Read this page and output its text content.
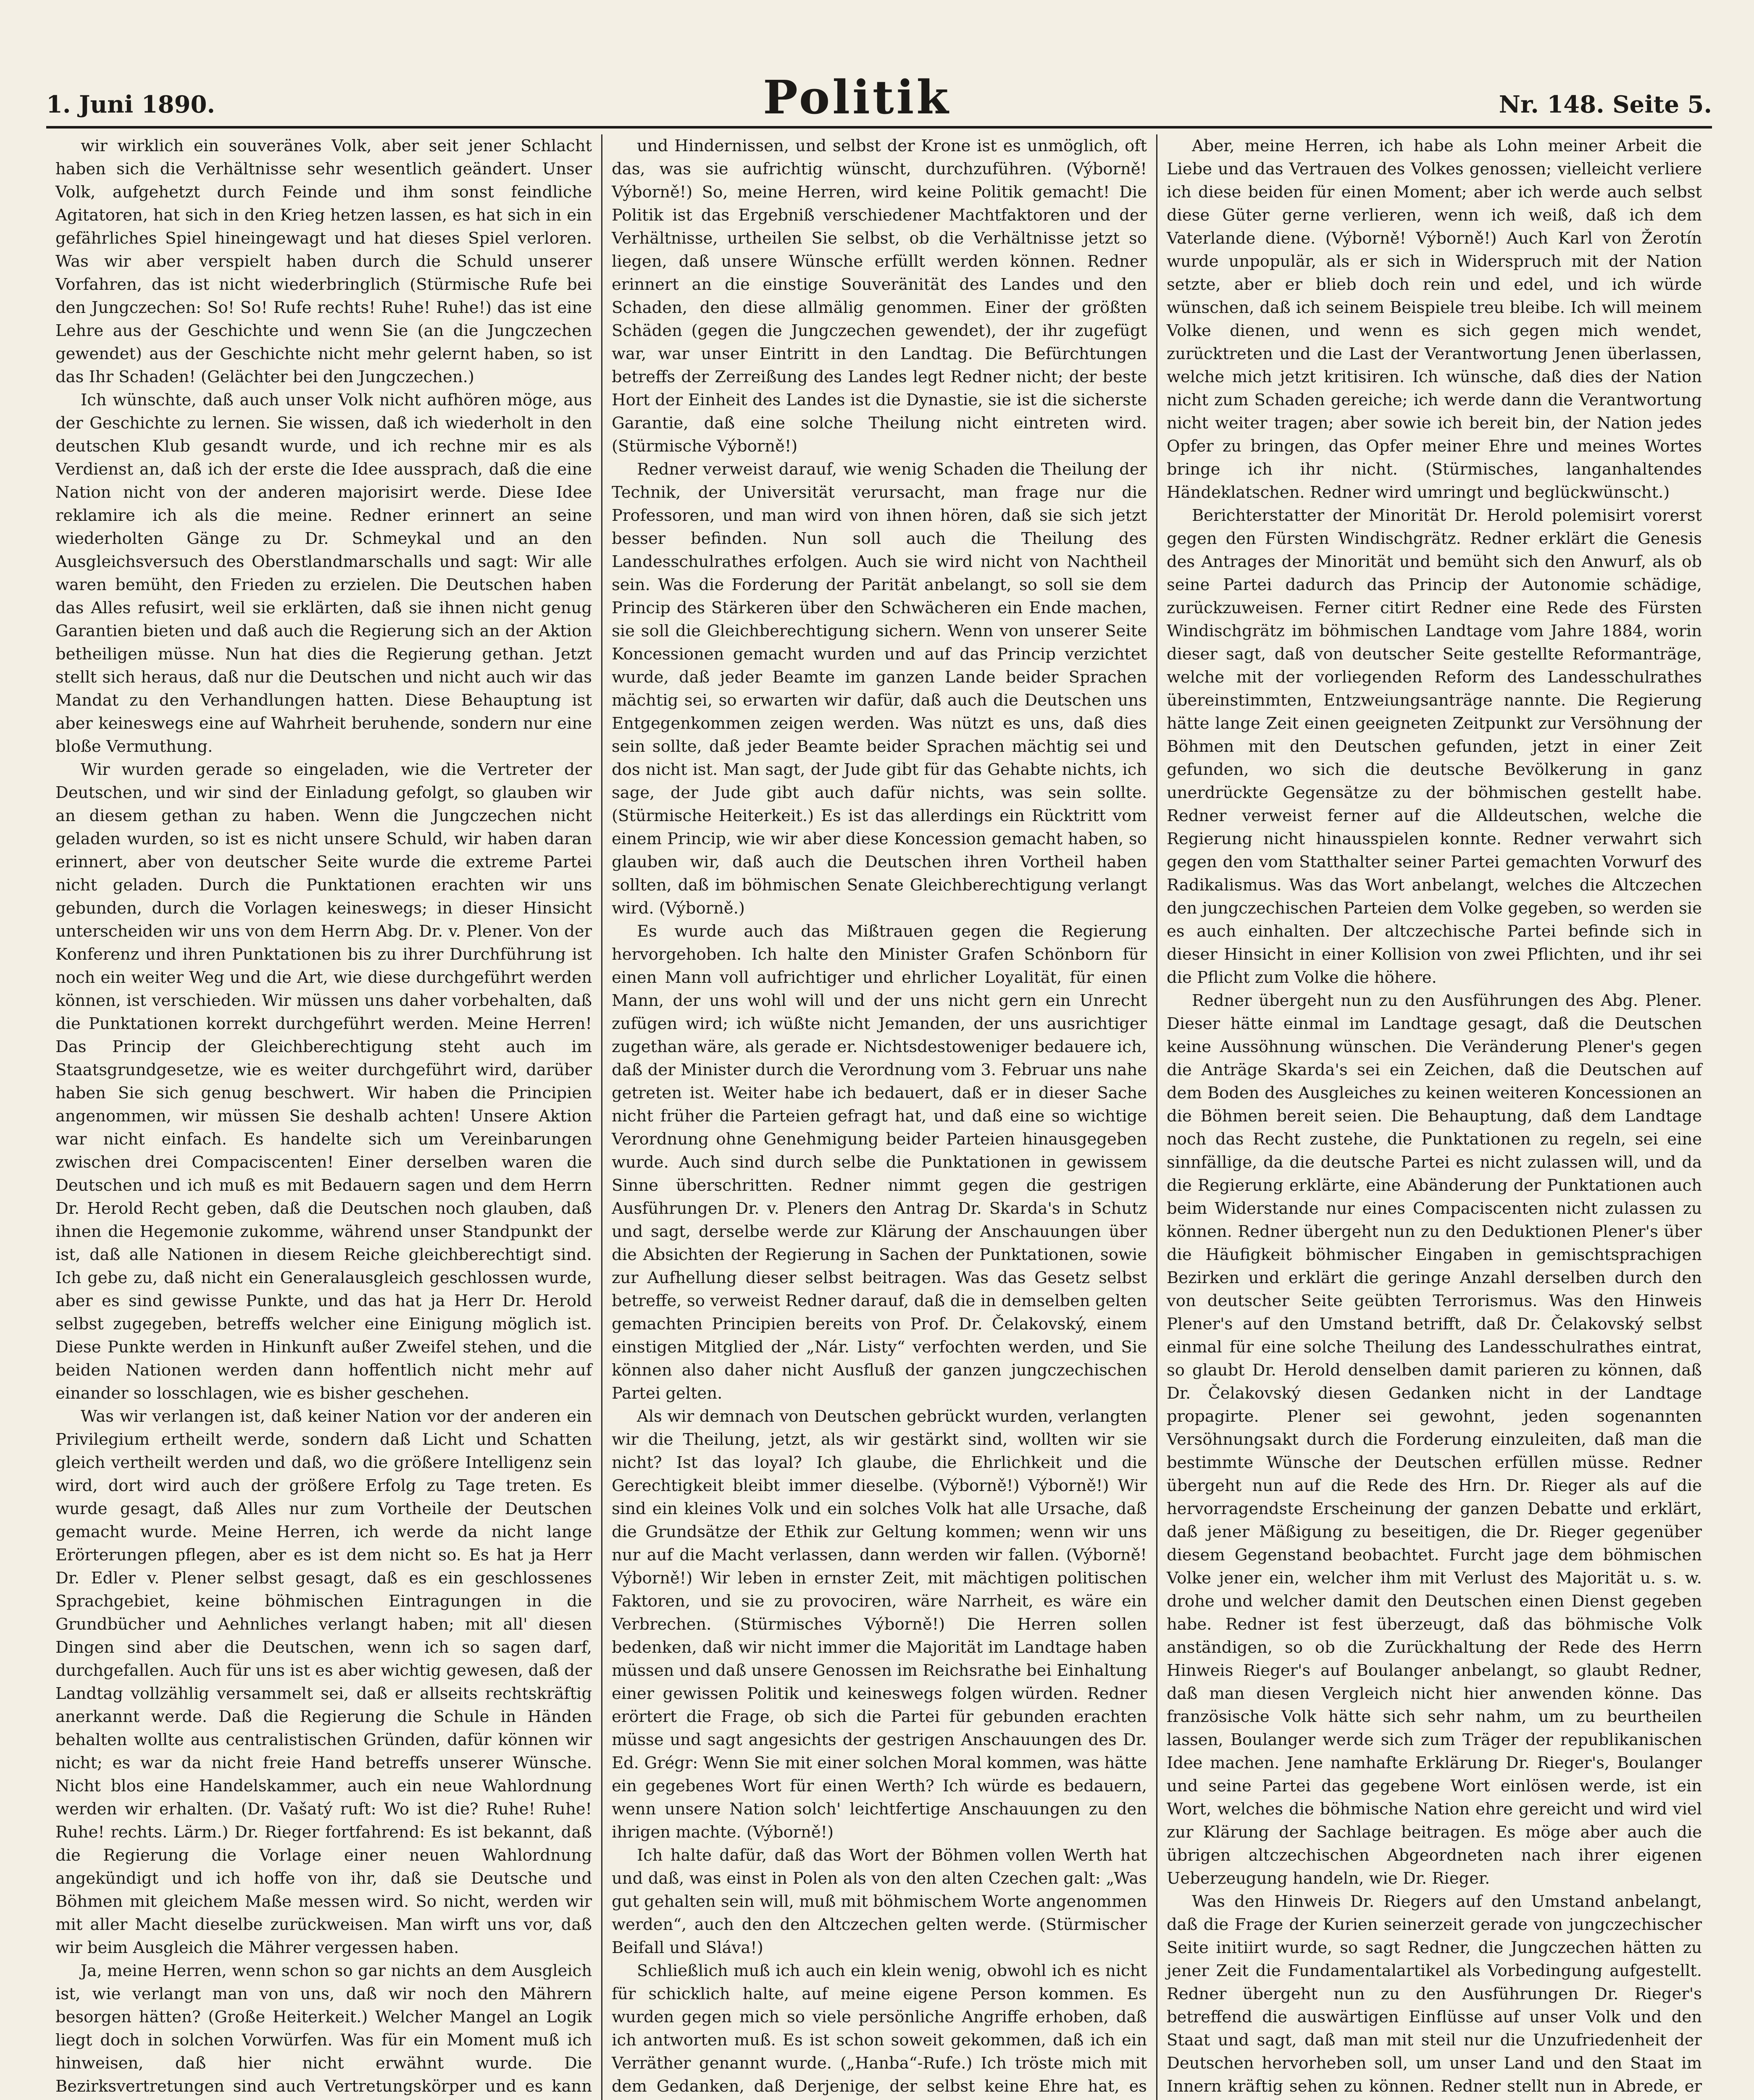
1. Juni 1890.	Politik	Nr. 148. Seite 5.

wir wirklich ein souveränes Volk, aber seit jener Schlacht haben sich die Verhältnisse sehr wesentlich geändert. Unser Volk, aufgehetzt durch Feinde und ihm sonst feindliche Agitatoren, hat sich in den Krieg hetzen lassen, es hat sich in ein gefährliches Spiel hineingewagt und hat dieses Spiel verloren. Was wir aber verspielt haben durch die Schuld unserer Vorfahren, das ist nicht wiederbringlich (Stürmische Rufe bei den Jungczechen: So! So! Rufe rechts! Ruhe! Ruhe!) das ist eine Lehre aus der Geschichte und wenn Sie (an die Jungczechen gewendet) aus der Geschichte nicht mehr gelernt haben, so ist das Ihr Schaden! (Gelächter bei den Jungczechen.)

Ich wünschte, daß auch unser Volk nicht aufhören möge, aus der Geschichte zu lernen. Sie wissen, daß ich wiederholt in den deutschen Klub gesandt wurde, und ich rechne mir es als Verdienst an, daß ich der erste die Idee aussprach, daß die eine Nation nicht von der anderen majorisirt werde. Diese Idee reklamire ich als die meine. Redner erinnert an seine wiederholten Gänge zu Dr. Schmeykal und an den Ausgleichsversuch des Oberstlandmarschalls und sagt: Wir alle waren bemüht, den Frieden zu erzielen. Die Deutschen haben das Alles refusirt, weil sie erklärten, daß sie ihnen nicht genug Garantien bieten und daß auch die Regierung sich an der Aktion betheiligen müsse. Nun hat dies die Regierung gethan. Jetzt stellt sich heraus, daß nur die Deutschen und nicht auch wir das Mandat zu den Verhandlungen hatten. Diese Behauptung ist aber keineswegs eine auf Wahrheit beruhende, sondern nur eine bloße Vermuthung.

Wir wurden gerade so eingeladen, wie die Vertreter der Deutschen, und wir sind der Einladung gefolgt, so glauben wir an diesem gethan zu haben. Wenn die Jungczechen nicht geladen wurden, so ist es nicht unsere Schuld, wir haben daran erinnert, aber von deutscher Seite wurde die extreme Partei nicht geladen. Durch die Punktationen erachten wir uns gebunden, durch die Vorlagen keineswegs; in dieser Hinsicht unterscheiden wir uns von dem Herrn Abg. Dr. v. Plener. Von der Konferenz und ihren Punktationen bis zu ihrer Durchführung ist noch ein weiter Weg und die Art, wie diese durchgeführt werden können, ist verschieden. Wir müssen uns daher vorbehalten, daß die Punktationen korrekt durchgeführt werden. Meine Herren! Das Princip der Gleichberechtigung steht auch im Staatsgrundgesetze, wie es weiter durchgeführt wird, darüber haben Sie sich genug beschwert. Wir haben die Principien angenommen, wir müssen Sie deshalb achten! Unsere Aktion war nicht einfach. Es handelte sich um Vereinbarungen zwischen drei Compaciscenten! Einer derselben waren die Deutschen und ich muß es mit Bedauern sagen und dem Herrn Dr. Herold Recht geben, daß die Deutschen noch glauben, daß ihnen die Hegemonie zukomme, während unser Standpunkt der ist, daß alle Nationen in diesem Reiche gleichberechtigt sind. Ich gebe zu, daß nicht ein Generalausgleich geschlossen wurde, aber es sind gewisse Punkte, und das hat ja Herr Dr. Herold selbst zugegeben, betreffs welcher eine Einigung möglich ist. Diese Punkte werden in Hinkunft außer Zweifel stehen, und die beiden Nationen werden dann hoffentlich nicht mehr auf einander so losschlagen, wie es bisher geschehen.

Was wir verlangen ist, daß keiner Nation vor der anderen ein Privilegium ertheilt werde, sondern daß Licht und Schatten gleich vertheilt werden und daß, wo die größere Intelligenz sein wird, dort wird auch der größere Erfolg zu Tage treten. Es wurde gesagt, daß Alles nur zum Vortheile der Deutschen gemacht wurde. Meine Herren, ich werde da nicht lange Erörterungen pflegen, aber es ist dem nicht so. Es hat ja Herr Dr. Edler v. Plener selbst gesagt, daß es ein geschlossenes Sprachgebiet, keine böhmischen Eintragungen in die Grundbücher und Aehnliches verlangt haben; mit all' diesen Dingen sind aber die Deutschen, wenn ich so sagen darf, durchgefallen. Auch für uns ist es aber wichtig gewesen, daß der Landtag vollzählig versammelt sei, daß er allseits rechtskräftig anerkannt werde. Daß die Regierung die Schule in Händen behalten wollte aus centralistischen Gründen, dafür können wir nicht; es war da nicht freie Hand betreffs unserer Wünsche. Nicht blos eine Handelskammer, auch ein neue Wahlordnung werden wir erhalten. (Dr. Vašatý ruft: Wo ist die? Ruhe! Ruhe! Ruhe! rechts. Lärm.) Dr. Rieger fortfahrend: Es ist bekannt, daß die Regierung die Vorlage einer neuen Wahlordnung angekündigt und ich hoffe von ihr, daß sie Deutsche und Böhmen mit gleichem Maße messen wird. So nicht, werden wir mit aller Macht dieselbe zurückweisen. Man wirft uns vor, daß wir beim Ausgleich die Mährer vergessen haben.

Ja, meine Herren, wenn schon so gar nichts an dem Ausgleich ist, wie verlangt man von uns, daß wir noch den Mährern besorgen hätten? (Große Heiterkeit.) Welcher Mangel an Logik liegt doch in solchen Vorwürfen. Was für ein Moment muß ich hinweisen, daß hier nicht erwähnt wurde. Die Bezirksvertretungen sind auch Vertretungskörper und es kann

und Hindernissen, und selbst der Krone ist es unmöglich, oft das, was sie aufrichtig wünscht, durchzuführen. (Výborně! Výborně!) So, meine Herren, wird keine Politik gemacht! Die Politik ist das Ergebniß verschiedener Machtfaktoren und der Verhältnisse, urtheilen Sie selbst, ob die Verhältnisse jetzt so liegen, daß unsere Wünsche erfüllt werden können. Redner erinnert an die einstige Souveränität des Landes und den Schaden, den diese allmälig genommen. Einer der größten Schäden (gegen die Jungczechen gewendet), der ihr zugefügt war, war unser Eintritt in den Landtag. Die Befürchtungen betreffs der Zerreißung des Landes legt Redner nicht; der beste Hort der Einheit des Landes ist die Dynastie, sie ist die sicherste Garantie, daß eine solche Theilung nicht eintreten wird. (Stürmische Výborně!)

Redner verweist darauf, wie wenig Schaden die Theilung der Technik, der Universität verursacht, man frage nur die Professoren, und man wird von ihnen hören, daß sie sich jetzt besser befinden. Nun soll auch die Theilung des Landesschulrathes erfolgen. Auch sie wird nicht von Nachtheil sein. Was die Forderung der Parität anbelangt, so soll sie dem Princip des Stärkeren über den Schwächeren ein Ende machen, sie soll die Gleichberechtigung sichern. Wenn von unserer Seite Koncessionen gemacht wurden und auf das Princip verzichtet wurde, daß jeder Beamte im ganzen Lande beider Sprachen mächtig sei, so erwarten wir dafür, daß auch die Deutschen uns Entgegenkommen zeigen werden. Was nützt es uns, daß dies sein sollte, daß jeder Beamte beider Sprachen mächtig sei und dos nicht ist. Man sagt, der Jude gibt für das Gehabte nichts, ich sage, der Jude gibt auch dafür nichts, was sein sollte. (Stürmische Heiterkeit.) Es ist das allerdings ein Rücktritt vom einem Princip, wie wir aber diese Koncession gemacht haben, so glauben wir, daß auch die Deutschen ihren Vortheil haben sollten, daß im böhmischen Senate Gleichberechtigung verlangt wird. (Výborně.)

Es wurde auch das Mißtrauen gegen die Regierung hervorgehoben. Ich halte den Minister Grafen Schönborn für einen Mann voll aufrichtiger und ehrlicher Loyalität, für einen Mann, der uns wohl will und der uns nicht gern ein Unrecht zufügen wird; ich wüßte nicht Jemanden, der uns ausrichtiger zugethan wäre, als gerade er. Nichtsdestoweniger bedauere ich, daß der Minister durch die Verordnung vom 3. Februar uns nahe getreten ist. Weiter habe ich bedauert, daß er in dieser Sache nicht früher die Parteien gefragt hat, und daß eine so wichtige Verordnung ohne Genehmigung beider Parteien hinausgegeben wurde. Auch sind durch selbe die Punktationen in gewissem Sinne überschritten. Redner nimmt gegen die gestrigen Ausführungen Dr. v. Pleners den Antrag Dr. Skarda's in Schutz und sagt, derselbe werde zur Klärung der Anschauungen über die Absichten der Regierung in Sachen der Punktationen, sowie zur Aufhellung dieser selbst beitragen. Was das Gesetz selbst betreffe, so verweist Redner darauf, daß die in demselben gelten gemachten Principien bereits von Prof. Dr. Čelakovský, einem einstigen Mitglied der „Nár. Listy“ verfochten werden, und Sie können also daher nicht Ausfluß der ganzen jungczechischen Partei gelten.

Als wir demnach von Deutschen gebrückt wurden, verlangten wir die Theilung, jetzt, als wir gestärkt sind, wollten wir sie nicht? Ist das loyal? Ich glaube, die Ehrlichkeit und die Gerechtigkeit bleibt immer dieselbe. (Výborně!) Výborně!) Wir sind ein kleines Volk und ein solches Volk hat alle Ursache, daß die Grundsätze der Ethik zur Geltung kommen; wenn wir uns nur auf die Macht verlassen, dann werden wir fallen. (Výborně! Výborně!) Wir leben in ernster Zeit, mit mächtigen politischen Faktoren, und sie zu provociren, wäre Narrheit, es wäre ein Verbrechen. (Stürmisches Výborně!) Die Herren sollen bedenken, daß wir nicht immer die Majorität im Landtage haben müssen und daß unsere Genossen im Reichsrathe bei Einhaltung einer gewissen Politik und keineswegs folgen würden. Redner erörtert die Frage, ob sich die Partei für gebunden erachten müsse und sagt angesichts der gestrigen Anschauungen des Dr. Ed. Grégr: Wenn Sie mit einer solchen Moral kommen, was hätte ein gegebenes Wort für einen Werth? Ich würde es bedauern, wenn unsere Nation solch' leichtfertige Anschauungen zu den ihrigen machte. (Výborně!)

Ich halte dafür, daß das Wort der Böhmen vollen Werth hat und daß, was einst in Polen als von den alten Czechen galt: „Was gut gehalten sein will, muß mit böhmischem Worte angenommen werden“, auch den den Altczechen gelten werde. (Stürmischer Beifall und Sláva!)

Schließlich muß ich auch ein klein wenig, obwohl ich es nicht für schicklich halte, auf meine eigene Person kommen. Es wurden gegen mich so viele persönliche Angriffe erhoben, daß ich antworten muß. Es ist schon soweit gekommen, daß ich ein Verräther genannt wurde. („Hanba“-Rufe.) Ich tröste mich mit dem Gedanken, daß Derjenige, der selbst keine Ehre hat, es

Aber, meine Herren, ich habe als Lohn meiner Arbeit die Liebe und das Vertrauen des Volkes genossen; vielleicht verliere ich diese beiden für einen Moment; aber ich werde auch selbst diese Güter gerne verlieren, wenn ich weiß, daß ich dem Vaterlande diene. (Výborně! Výborně!) Auch Karl von Žerotín wurde unpopulär, als er sich in Widerspruch mit der Nation setzte, aber er blieb doch rein und edel, und ich würde wünschen, daß ich seinem Beispiele treu bleibe. Ich will meinem Volke dienen, und wenn es sich gegen mich wendet, zurücktreten und die Last der Verantwortung Jenen überlassen, welche mich jetzt kritisiren. Ich wünsche, daß dies der Nation nicht zum Schaden gereiche; ich werde dann die Verantwortung nicht weiter tragen; aber sowie ich bereit bin, der Nation jedes Opfer zu bringen, das Opfer meiner Ehre und meines Wortes bringe ich ihr nicht. (Stürmisches, langanhaltendes Händeklatschen. Redner wird umringt und beglückwünscht.)

Berichterstatter der Minorität Dr. Herold polemisirt vorerst gegen den Fürsten Windischgrätz. Redner erklärt die Genesis des Antrages der Minorität und bemüht sich den Anwurf, als ob seine Partei dadurch das Princip der Autonomie schädige, zurückzuweisen. Ferner citirt Redner eine Rede des Fürsten Windischgrätz im böhmischen Landtage vom Jahre 1884, worin dieser sagt, daß von deutscher Seite gestellte Reformanträge, welche mit der vorliegenden Reform des Landesschulrathes übereinstimmten, Entzweiungsanträge nannte. Die Regierung hätte lange Zeit einen geeigneten Zeitpunkt zur Versöhnung der Böhmen mit den Deutschen gefunden, jetzt in einer Zeit gefunden, wo sich die deutsche Bevölkerung in ganz unerdrückte Gegensätze zu der böhmischen gestellt habe. Redner verweist ferner auf die Alldeutschen, welche die Regierung nicht hinausspielen konnte. Redner verwahrt sich gegen den vom Statthalter seiner Partei gemachten Vorwurf des Radikalismus. Was das Wort anbelangt, welches die Altczechen den jungczechischen Parteien dem Volke gegeben, so werden sie es auch einhalten. Der altczechische Partei befinde sich in dieser Hinsicht in einer Kollision von zwei Pflichten, und ihr sei die Pflicht zum Volke die höhere.

Redner übergeht nun zu den Ausführungen des Abg. Plener. Dieser hätte einmal im Landtage gesagt, daß die Deutschen keine Aussöhnung wünschen. Die Veränderung Plener's gegen die Anträge Skarda's sei ein Zeichen, daß die Deutschen auf dem Boden des Ausgleiches zu keinen weiteren Koncessionen an die Böhmen bereit seien. Die Behauptung, daß dem Landtage noch das Recht zustehe, die Punktationen zu regeln, sei eine sinnfällige, da die deutsche Partei es nicht zulassen will, und da die Regierung erklärte, eine Abänderung der Punktationen auch beim Widerstande nur eines Compaciscenten nicht zulassen zu können. Redner übergeht nun zu den Deduktionen Plener's über die Häufigkeit böhmischer Eingaben in gemischtsprachigen Bezirken und erklärt die geringe Anzahl derselben durch den von deutscher Seite geübten Terrorismus. Was den Hinweis Plener's auf den Umstand betrifft, daß Dr. Čelakovský selbst einmal für eine solche Theilung des Landesschulrathes eintrat, so glaubt Dr. Herold denselben damit parieren zu können, daß Dr. Čelakovský diesen Gedanken nicht in der Landtage propagirte. Plener sei gewohnt, jeden sogenannten Versöhnungsakt durch die Forderung einzuleiten, daß man die bestimmte Wünsche der Deutschen erfüllen müsse. Redner übergeht nun auf die Rede des Hrn. Dr. Rieger als auf die hervorragendste Erscheinung der ganzen Debatte und erklärt, daß jener Mäßigung zu beseitigen, die Dr. Rieger gegenüber diesem Gegenstand beobachtet. Furcht jage dem böhmischen Volke jener ein, welcher ihm mit Verlust des Majorität u. s. w. drohe und welcher damit den Deutschen einen Dienst gegeben habe. Redner ist fest überzeugt, daß das böhmische Volk anständigen, so ob die Zurückhaltung der Rede des Herrn Hinweis Rieger's auf Boulanger anbelangt, so glaubt Redner, daß man diesen Vergleich nicht hier anwenden könne. Das französische Volk hätte sich sehr nahm, um zu beurtheilen lassen, Boulanger werde sich zum Träger der republikanischen Idee machen. Jene namhafte Erklärung Dr. Rieger's, Boulanger und seine Partei das gegebene Wort einlösen werde, ist ein Wort, welches die böhmische Nation ehre gereicht und wird viel zur Klärung der Sachlage beitragen. Es möge aber auch die übrigen altczechischen Abgeordneten nach ihrer eigenen Ueberzeugung handeln, wie Dr. Rieger.

Was den Hinweis Dr. Riegers auf den Umstand anbelangt, daß die Frage der Kurien seinerzeit gerade von jungczechischer Seite initiirt wurde, so sagt Redner, die Jungczechen hätten zu jener Zeit die Fundamentalartikel als Vorbedingung aufgestellt. Redner übergeht nun zu den Ausführungen Dr. Rieger's betreffend die auswärtigen Einflüsse auf unser Volk und den Staat und sagt, daß man mit steil nur die Unzufriedenheit der Deutschen hervorheben soll, um unser Land und den Staat im Innern kräftig sehen zu können. Redner stellt nun in Abrede, er
